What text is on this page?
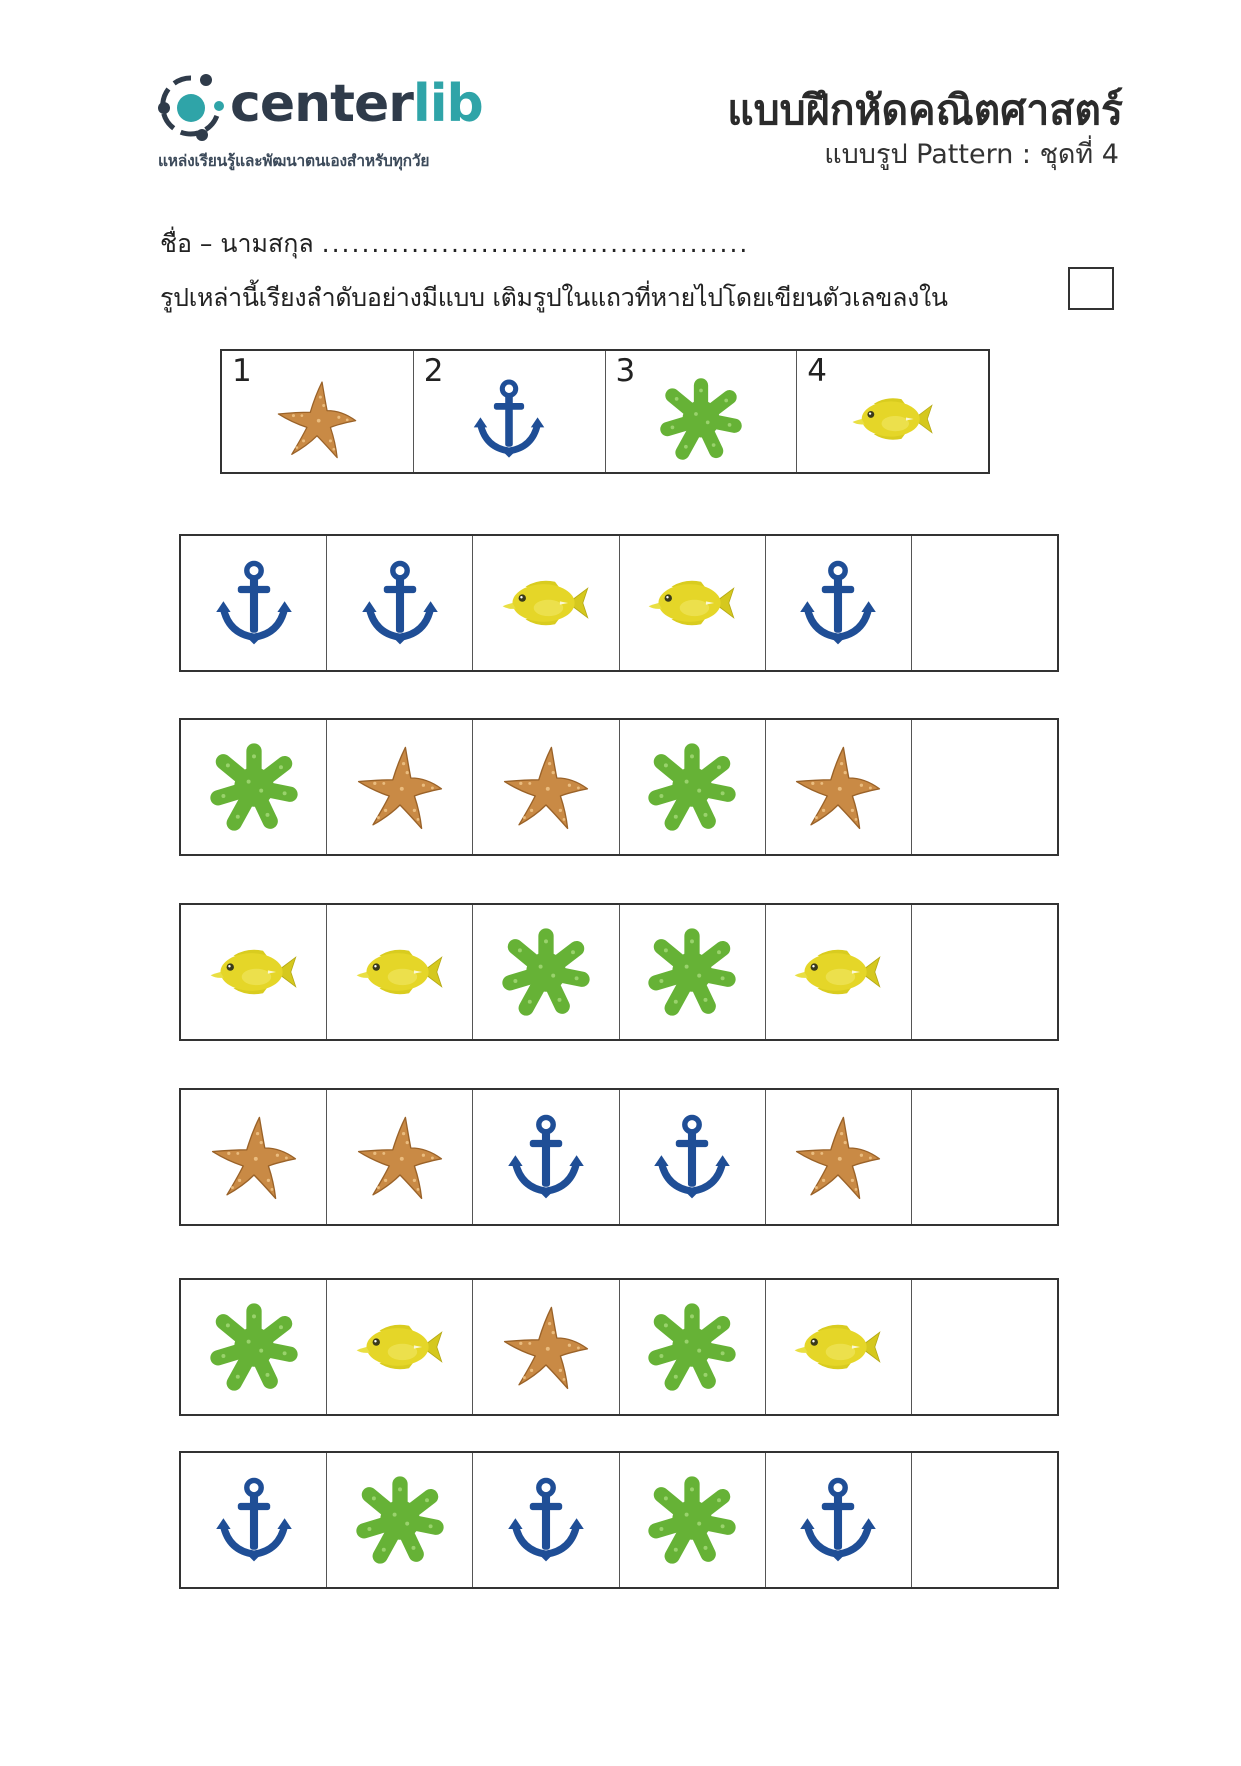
centerlib
แหล่งเรียนรู้และพัฒนาตนเองสำหรับทุกวัย
แบบฝึกหัดคณิตศาสตร์
แบบรูป Pattern : ชุดที่ 4
ชื่อ – นามสกุล ...........................................
รูปเหล่านี้เรียงลำดับอย่างมีแบบ เติมรูปในแถวที่หายไปโดยเขียนตัวเลขลงใน
1	2	3	4
